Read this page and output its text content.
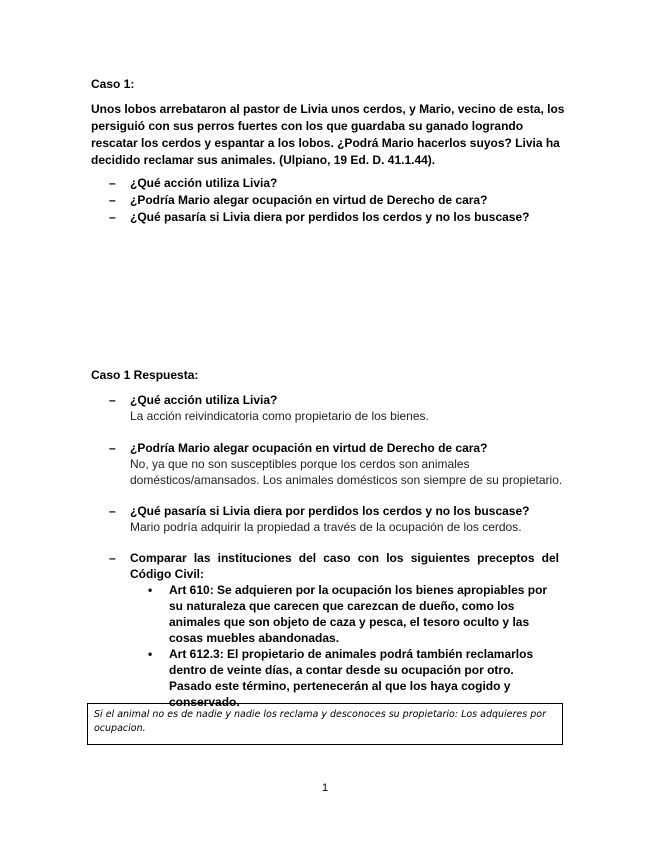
Caso 1:

Unos lobos arrebataron al pastor de Livia unos cerdos, y Mario, vecino de esta, los persiguió con sus perros fuertes con los que guardaba su ganado logrando rescatar los cerdos y espantar a los lobos. ¿Podrá Mario hacerlos suyos? Livia ha decidido reclamar sus animales. (Ulpiano, 19 Ed. D. 41.1.44).

– ¿Qué acción utiliza Livia?
– ¿Podría Mario alegar ocupación en virtud de Derecho de cara?
– ¿Qué pasaría si Livia diera por perdidos los cerdos y no los buscase?
Caso 1 Respuesta:
– ¿Qué acción utiliza Livia?
La acción reivindicatoria como propietario de los bienes.
– ¿Podría Mario alegar ocupación en virtud de Derecho de cara?
No, ya que no son susceptibles porque los cerdos son animales domésticos/amansados. Los animales domésticos son siempre de su propietario.
– ¿Qué pasaría si Livia diera por perdidos los cerdos y no los buscase?
Mario podría adquirir la propiedad a través de la ocupación de los cerdos.
– Comparar las instituciones del caso con los siguientes preceptos del Código Civil:
• Art 610: Se adquieren por la ocupación los bienes apropiables por su naturaleza que carecen que carezcan de dueño, como los animales que son objeto de caza y pesca, el tesoro oculto y las cosas muebles abandonadas.
• Art 612.3: El propietario de animales podrá también reclamarlos dentro de veinte días, a contar desde su ocupación por otro. Pasado este término, pertenecerán al que los haya cogido y conservado.
Si el animal no es de nadie y nadie los reclama y desconoces su propietario: Los adquieres por ocupacion.
1
